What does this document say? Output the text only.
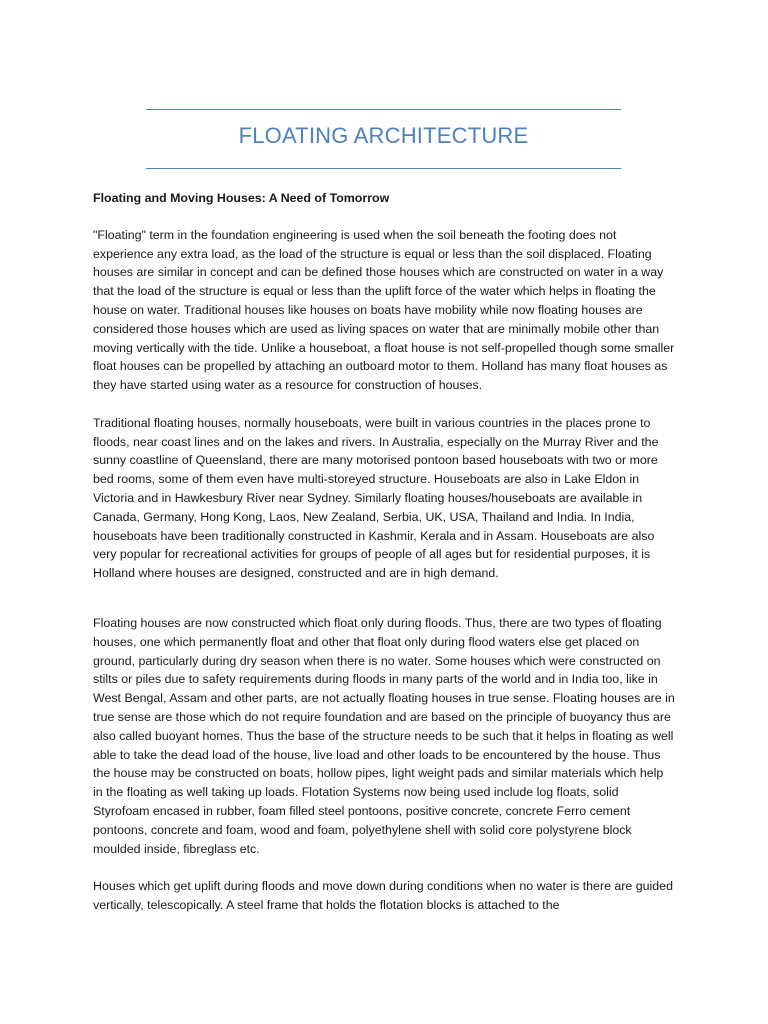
FLOATING ARCHITECTURE

Floating and Moving Houses: A Need of Tomorrow

"Floating" term in the foundation engineering is used when the soil beneath the footing does not experience any extra load, as the load of the structure is equal or less than the soil displaced. Floating houses are similar in concept and can be defined those houses which are constructed on water in a way that the load of the structure is equal or less than the uplift force of the water which helps in floating the house on water. Traditional houses like houses on boats have mobility while now floating houses are considered those houses which are used as living spaces on water that are minimally mobile other than moving vertically with the tide. Unlike a houseboat, a float house is not self-propelled though some smaller float houses can be propelled by attaching an outboard motor to them. Holland has many float houses as they have started using water as a resource for construction of houses.

Traditional floating houses, normally houseboats, were built in various countries in the places prone to floods, near coast lines and on the lakes and rivers. In Australia, especially on the Murray River and the sunny coastline of Queensland, there are many motorised pontoon based houseboats with two or more bed rooms, some of them even have multi-storeyed structure. Houseboats are also in Lake Eldon in Victoria and in Hawkesbury River near Sydney. Similarly floating houses/houseboats are available in Canada, Germany, Hong Kong, Laos, New Zealand, Serbia, UK, USA, Thailand and India. In India, houseboats have been traditionally constructed in Kashmir, Kerala and in Assam. Houseboats are also very popular for recreational activities for groups of people of all ages but for residential purposes, it is Holland where houses are designed, constructed and are in high demand.

Floating houses are now constructed which float only during floods. Thus, there are two types of floating houses, one which permanently float and other that float only during flood waters else get placed on ground, particularly during dry season when there is no water. Some houses which were constructed on stilts or piles due to safety requirements during floods in many parts of the world and in India too, like in West Bengal, Assam and other parts, are not actually floating houses in true sense. Floating houses are in true sense are those which do not require foundation and are based on the principle of buoyancy thus are also called buoyant homes. Thus the base of the structure needs to be such that it helps in floating as well able to take the dead load of the house, live load and other loads to be encountered by the house. Thus the house may be constructed on boats, hollow pipes, light weight pads and similar materials which help in the floating as well taking up loads. Flotation Systems now being used include log floats, solid Styrofoam encased in rubber, foam filled steel pontoons, positive concrete, concrete Ferro cement pontoons, concrete and foam, wood and foam, polyethylene shell with solid core polystyrene block moulded inside, fibreglass etc.

Houses which get uplift during floods and move down during conditions when no water is there are guided vertically, telescopically. A steel frame that holds the flotation blocks is attached to the
